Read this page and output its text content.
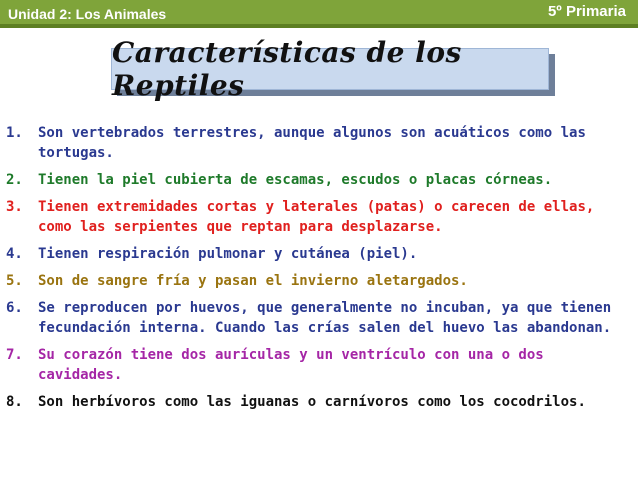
Unidad 2: Los Animales	5º Primaria
Características de los Reptiles
1.	Son vertebrados terrestres, aunque algunos son acuáticos como las tortugas.
2.	Tienen la piel cubierta de escamas, escudos o placas córneas.
3.	Tienen extremidades cortas y laterales (patas) o carecen de ellas, como las serpientes que reptan para desplazarse.
4.	Tienen respiración pulmonar y cutánea (piel).
5.	Son de sangre fría y pasan el invierno aletargados.
6.	Se reproducen por huevos, que generalmente no incuban, ya que tienen fecundación interna. Cuando las crías salen del huevo las abandonan.
7.	Su corazón tiene dos aurículas y un ventrículo con una o dos cavidades.
8.	Son herbívoros como las iguanas o carnívoros como los cocodrilos.
